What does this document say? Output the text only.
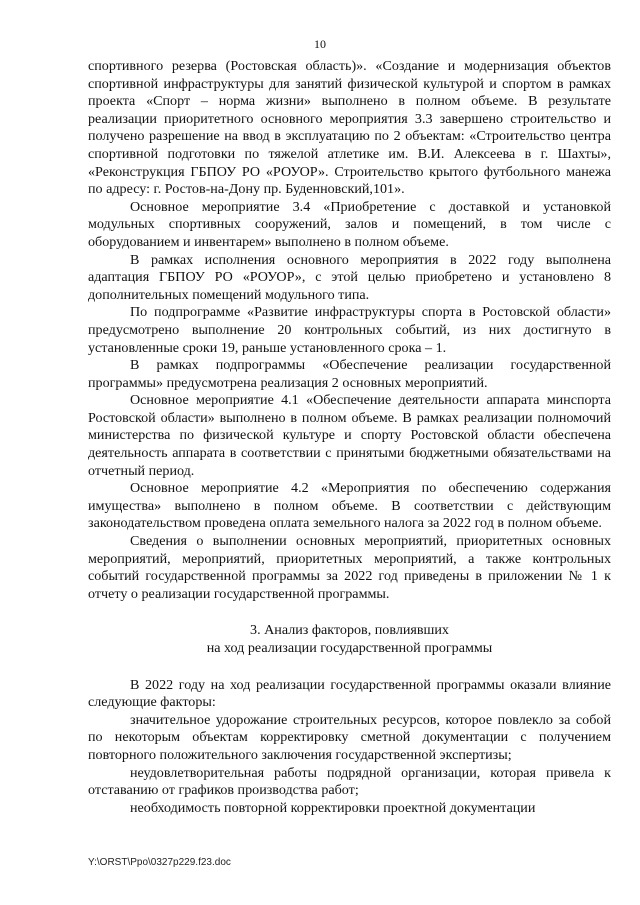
10

спортивного резерва (Ростовская область)». «Создание и модернизация объектов спортивной инфраструктуры для занятий физической культурой и спортом в рамках проекта «Спорт – норма жизни» выполнено в полном объеме. В результате реализации приоритетного основного мероприятия 3.3 завершено строительство и получено разрешение на ввод в эксплуатацию по 2 объектам: «Строительство центра спортивной подготовки по тяжелой атлетике им. В.И. Алексеева в г. Шахты», «Реконструкция ГБПОУ РО «РОУОР». Строительство крытого футбольного манежа по адресу: г. Ростов-на-Дону пр. Буденновский,101».

Основное мероприятие 3.4 «Приобретение с доставкой и установкой модульных спортивных сооружений, залов и помещений, в том числе с оборудованием и инвентарем» выполнено в полном объеме.

В рамках исполнения основного мероприятия в 2022 году выполнена адаптация ГБПОУ РО «РОУОР», с этой целью приобретено и установлено 8 дополнительных помещений модульного типа.

По подпрограмме «Развитие инфраструктуры спорта в Ростовской области» предусмотрено выполнение 20 контрольных событий, из них достигнуто в установленные сроки 19, раньше установленного срока – 1.

В рамках подпрограммы «Обеспечение реализации государственной программы» предусмотрена реализация 2 основных мероприятий.

Основное мероприятие 4.1 «Обеспечение деятельности аппарата минспорта Ростовской области» выполнено в полном объеме. В рамках реализации полномочий министерства по физической культуре и спорту Ростовской области обеспечена деятельность аппарата в соответствии с принятыми бюджетными обязательствами на отчетный период.

Основное мероприятие 4.2 «Мероприятия по обеспечению содержания имущества» выполнено в полном объеме. В соответствии с действующим законодательством проведена оплата земельного налога за 2022 год в полном объеме.

Сведения о выполнении основных мероприятий, приоритетных основных мероприятий, мероприятий, приоритетных мероприятий, а также контрольных событий государственной программы за 2022 год приведены в приложении № 1 к отчету о реализации государственной программы.

3. Анализ факторов, повлиявших
на ход реализации государственной программы

В 2022 году на ход реализации государственной программы оказали влияние следующие факторы:

значительное удорожание строительных ресурсов, которое повлекло за собой по некоторым объектам корректировку сметной документации с получением повторного положительного заключения государственной экспертизы;

неудовлетворительная работы подрядной организации, которая привела к отставанию от графиков производства работ;

необходимость повторной корректировки проектной документации

Y:\ORST\Ppo\0327p229.f23.doc
